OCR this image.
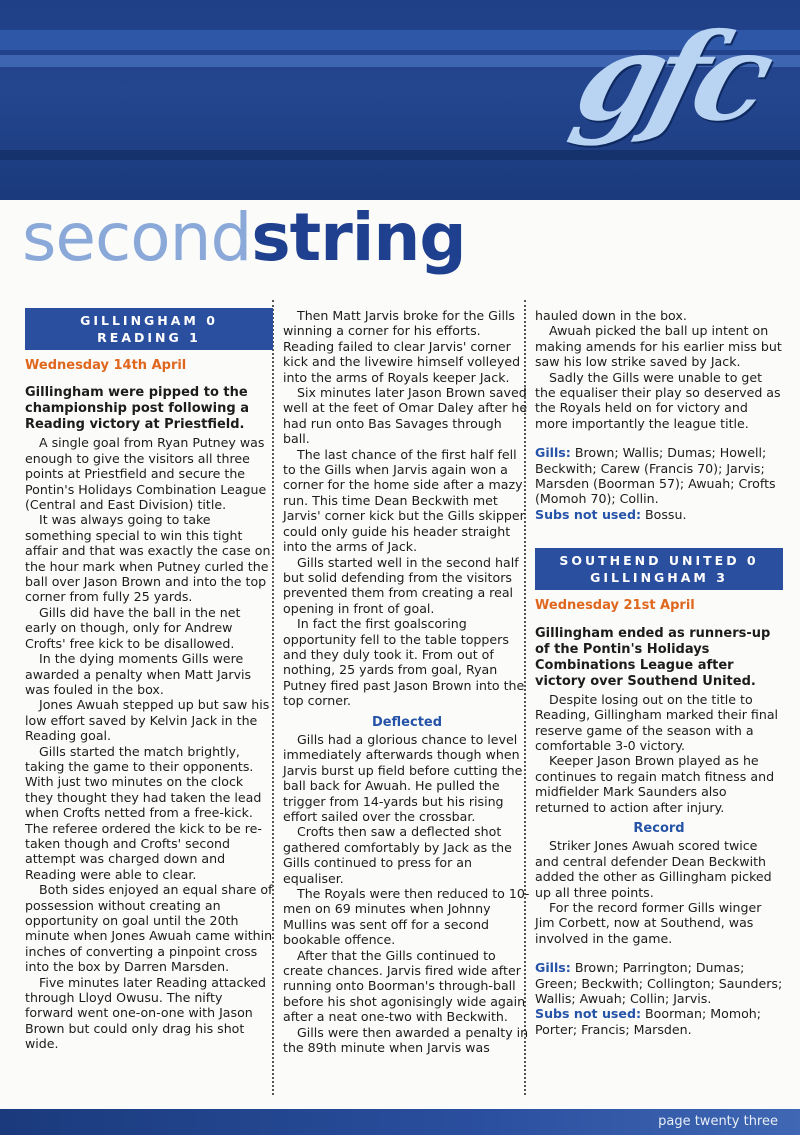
gfc
secondstring
GILLINGHAM 0
READING 1
Wednesday 14th April
Gillingham were pipped to the championship post following a Reading victory at Priestfield.

A single goal from Ryan Putney was enough to give the visitors all three points at Priestfield and secure the Pontin's Holidays Combination League (Central and East Division) title.

It was always going to take something special to win this tight affair and that was exactly the case on the hour mark when Putney curled the ball over Jason Brown and into the top corner from fully 25 yards.

Gills did have the ball in the net early on though, only for Andrew Crofts' free kick to be disallowed.

In the dying moments Gills were awarded a penalty when Matt Jarvis was fouled in the box.

Jones Awuah stepped up but saw his low effort saved by Kelvin Jack in the Reading goal.

Gills started the match brightly, taking the game to their opponents. With just two minutes on the clock they thought they had taken the lead when Crofts netted from a free-kick. The referee ordered the kick to be re-taken though and Crofts' second attempt was charged down and Reading were able to clear.

Both sides enjoyed an equal share of possession without creating an opportunity on goal until the 20th minute when Jones Awuah came within inches of converting a pinpoint cross into the box by Darren Marsden.

Five minutes later Reading attacked through Lloyd Owusu. The nifty forward went one-on-one with Jason Brown but could only drag his shot wide.

Then Matt Jarvis broke for the Gills winning a corner for his efforts. Reading failed to clear Jarvis' corner kick and the livewire himself volleyed into the arms of Royals keeper Jack.

Six minutes later Jason Brown saved well at the feet of Omar Daley after he had run onto Bas Savages through ball.

The last chance of the first half fell to the Gills when Jarvis again won a corner for the home side after a mazy run. This time Dean Beckwith met Jarvis' corner kick but the Gills skipper could only guide his header straight into the arms of Jack.

Gills started well in the second half but solid defending from the visitors prevented them from creating a real opening in front of goal.

In fact the first goalscoring opportunity fell to the table toppers and they duly took it. From out of nothing, 25 yards from goal, Ryan Putney fired past Jason Brown into the top corner.

Deflected

Gills had a glorious chance to level immediately afterwards though when Jarvis burst up field before cutting the ball back for Awuah. He pulled the trigger from 14-yards but his rising effort sailed over the crossbar.

Crofts then saw a deflected shot gathered comfortably by Jack as the Gills continued to press for an equaliser.

The Royals were then reduced to 10-men on 69 minutes when Johnny Mullins was sent off for a second bookable offence.

After that the Gills continued to create chances. Jarvis fired wide after running onto Boorman's through-ball before his shot agonisingly wide again after a neat one-two with Beckwith.

Gills were then awarded a penalty in the 89th minute when Jarvis was

hauled down in the box.

Awuah picked the ball up intent on making amends for his earlier miss but saw his low strike saved by Jack.

Sadly the Gills were unable to get the equaliser their play so deserved as the Royals held on for victory and more importantly the league title.

Gills: Brown; Wallis; Dumas; Howell; Beckwith; Carew (Francis 70); Jarvis; Marsden (Boorman 57); Awuah; Crofts (Momoh 70); Collin.
Subs not used: Bossu.
SOUTHEND UNITED 0
GILLINGHAM 3
Wednesday 21st April
Gillingham ended as runners-up of the Pontin's Holidays Combinations League after victory over Southend United.

Despite losing out on the title to Reading, Gillingham marked their final reserve game of the season with a comfortable 3-0 victory.

Keeper Jason Brown played as he continues to regain match fitness and midfielder Mark Saunders also returned to action after injury.

Record

Striker Jones Awuah scored twice and central defender Dean Beckwith added the other as Gillingham picked up all three points.

For the record former Gills winger Jim Corbett, now at Southend, was involved in the game.

Gills: Brown; Parrington; Dumas; Green; Beckwith; Collington; Saunders; Wallis; Awuah; Collin; Jarvis.
Subs not used: Boorman; Momoh; Porter; Francis; Marsden.
page twenty three
